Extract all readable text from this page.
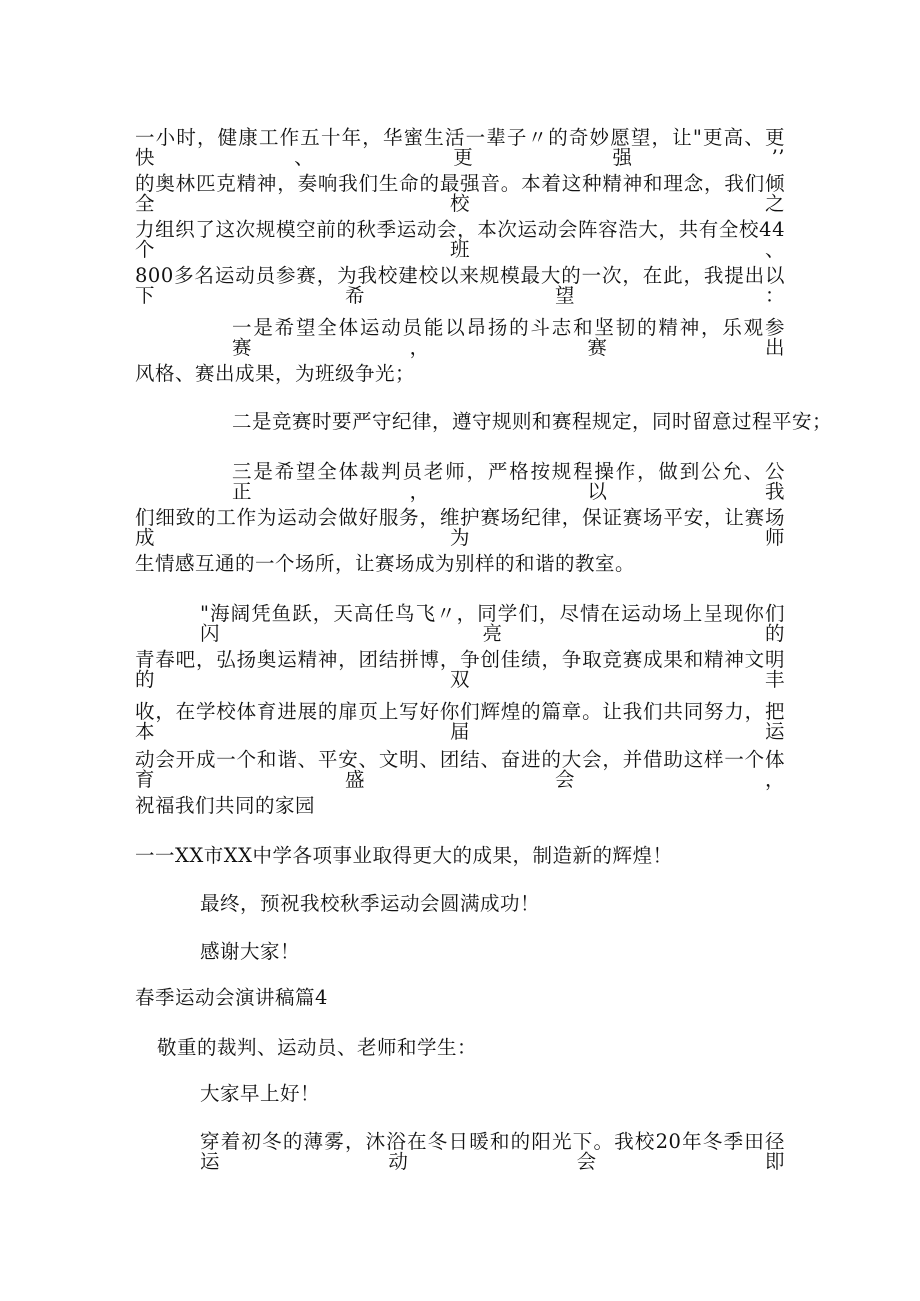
一小时，健康工作五十年，华蜜生活一辈子〃的奇妙愿望，让"更高、更快、更强’’
的奥林匹克精神，奏响我们生命的最强音。本着这种精神和理念，我们倾全校之
力组织了这次规模空前的秋季运动会，本次运动会阵容浩大，共有全校44个班、
800多名运动员参赛，为我校建校以来规模最大的一次，在此，我提出以下希望：
一是希望全体运动员能以昂扬的斗志和坚韧的精神，乐观参赛，赛出
风格、赛出成果，为班级争光；
二是竞赛时要严守纪律，遵守规则和赛程规定，同时留意过程平安；
三是希望全体裁判员老师，严格按规程操作，做到公允、公正，以我
们细致的工作为运动会做好服务，维护赛场纪律，保证赛场平安，让赛场成为师
生情感互通的一个场所，让赛场成为别样的和谐的教室。
"海阔凭鱼跃，天高任鸟飞〃，同学们，尽情在运动场上呈现你们闪亮的
青春吧，弘扬奥运精神，团结拼博，争创佳绩，争取竞赛成果和精神文明的双丰
收，在学校体育进展的扉页上写好你们辉煌的篇章。让我们共同努力，把本届运
动会开成一个和谐、平安、文明、团结、奋进的大会，并借助这样一个体育盛会，
祝福我们共同的家园
一一XX市XX中学各项事业取得更大的成果，制造新的辉煌！
最终，预祝我校秋季运动会圆满成功！
感谢大家！
春季运动会演讲稿篇4
敬重的裁判、运动员、老师和学生：
大家早上好！
穿着初冬的薄雾，沐浴在冬日暖和的阳光下。我校20年冬季田径运动会即
